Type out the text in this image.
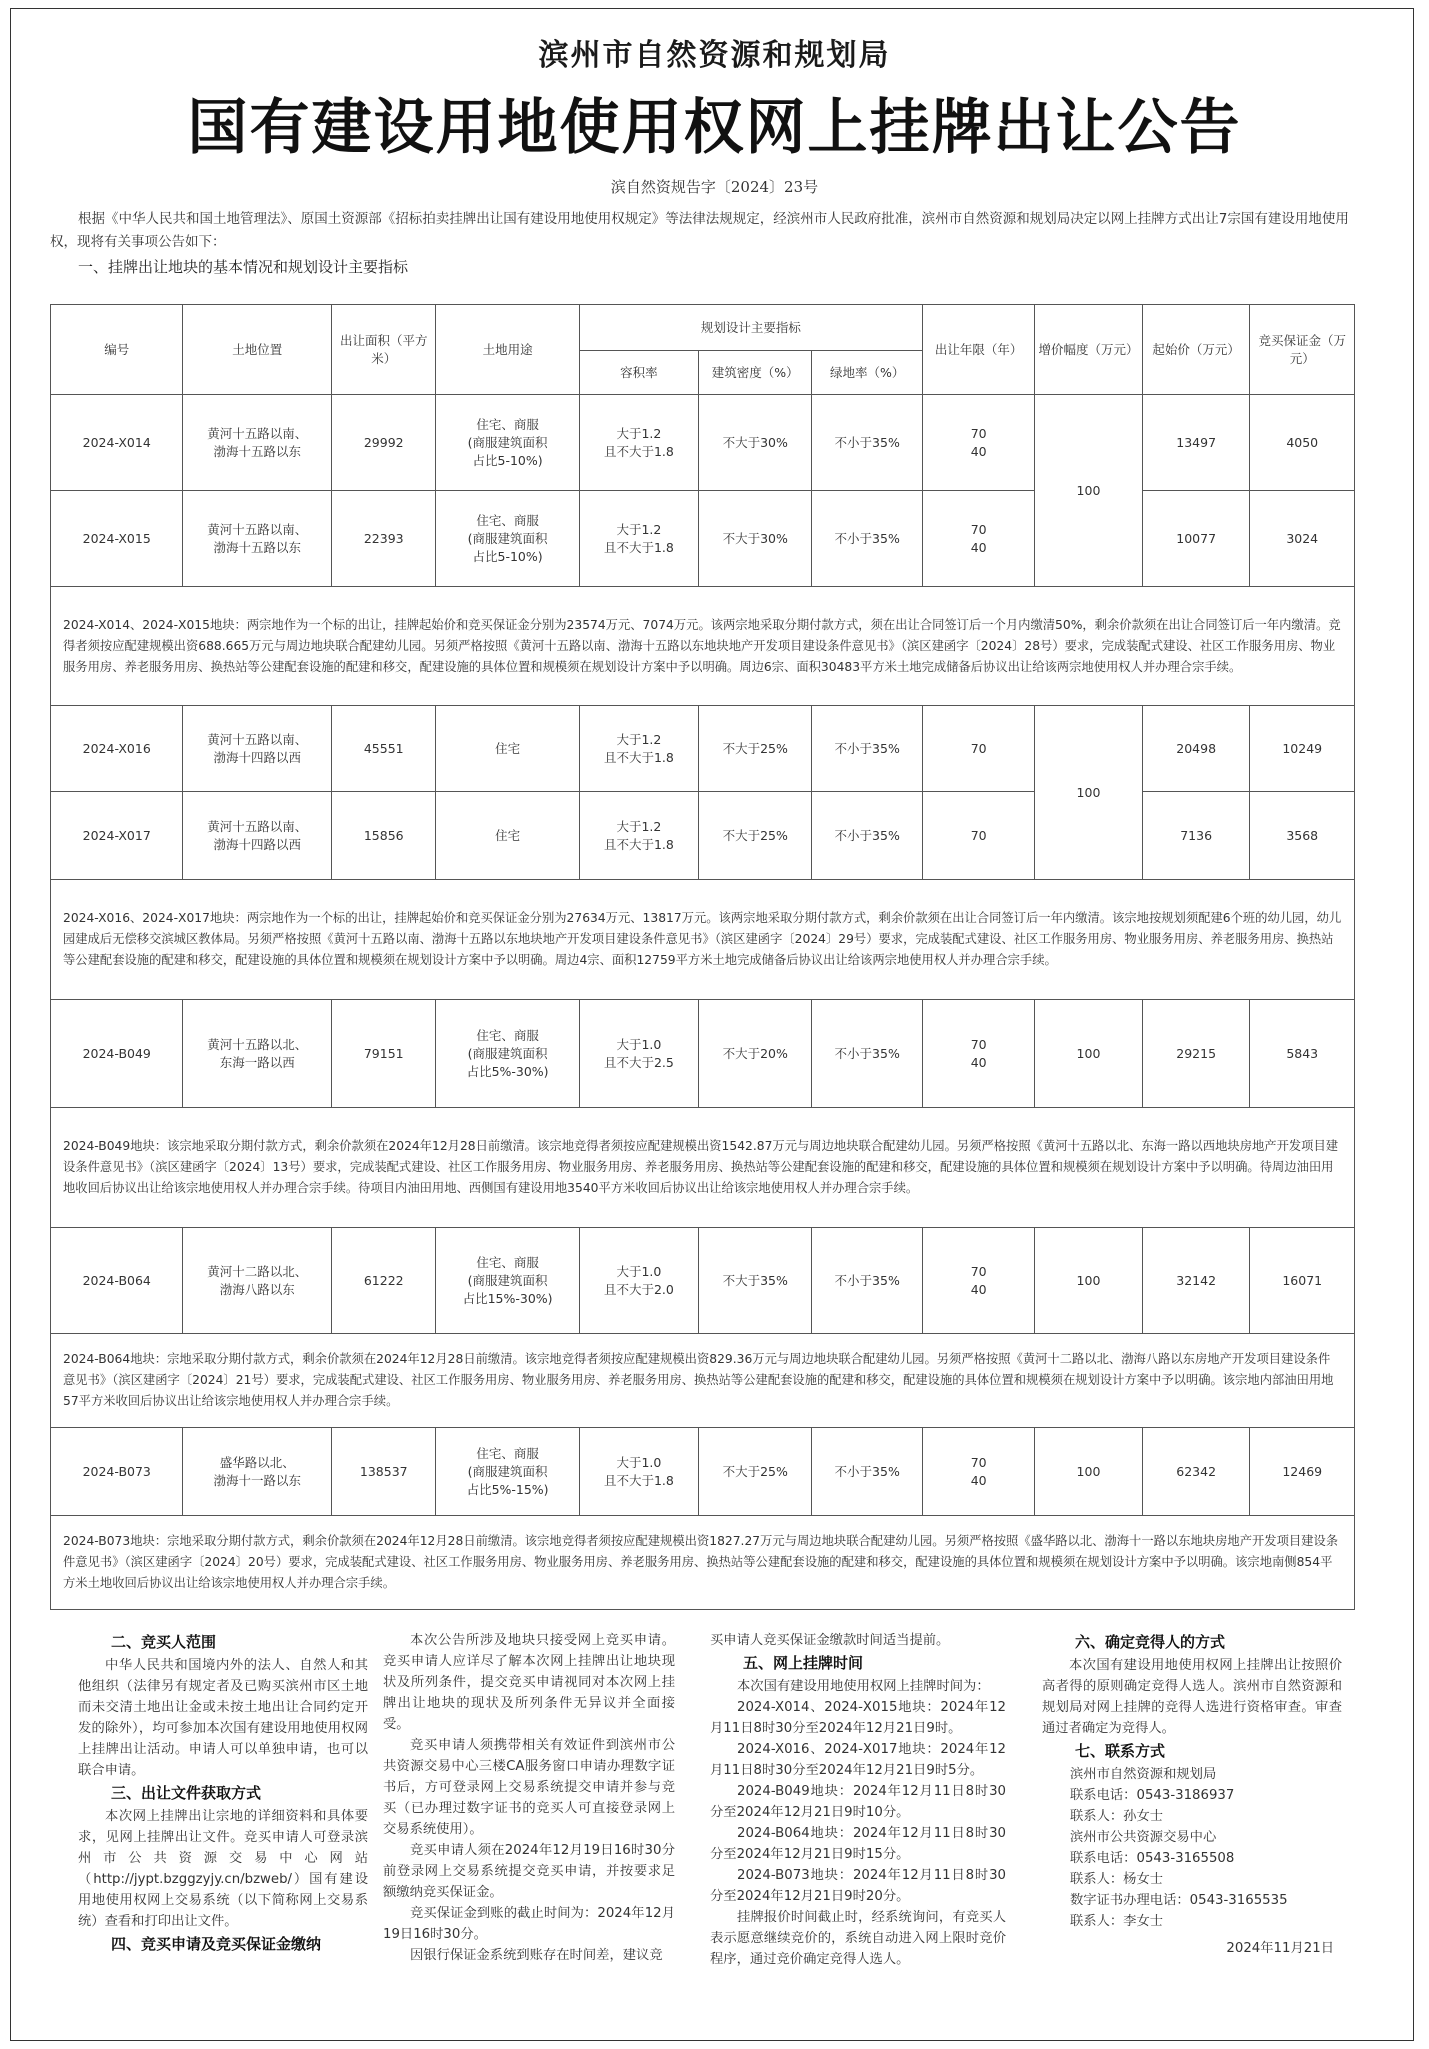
滨州市自然资源和规划局
国有建设用地使用权网上挂牌出让公告
滨自然资规告字〔2024〕23号
根据《中华人民共和国土地管理法》、原国土资源部《招标拍卖挂牌出让国有建设用地使用权规定》等法律法规规定，经滨州市人民政府批准，滨州市自然资源和规划局决定以网上挂牌方式出让7宗国有建设用地使用权，现将有关事项公告如下：
一、挂牌出让地块的基本情况和规划设计主要指标
编号	土地位置	出让面积（平方米）	土地用途	规划设计主要指标			出让年限（年）	增价幅度（万元）	起始价（万元）	竞买保证金（万元）
				容积率	建筑密度（%）	绿地率（%）				
2024-X014	黄河十五路以南、
渤海十五路以东	29992	住宅、商服
(商服建筑面积
占比5-10%)	大于1.2
且不大于1.8	不大于30%	不小于35%	70
40	100	13497	4050
2024-X015	黄河十五路以南、
渤海十五路以东	22393	住宅、商服
(商服建筑面积
占比5-10%)	大于1.2
且不大于1.8	不大于30%	不小于35%	70
40		10077	3024
2024-X014、2024-X015地块：两宗地作为一个标的出让，挂牌起始价和竞买保证金分别为23574万元、7074万元。该两宗地采取分期付款方式，须在出让合同签订后一个月内缴清50%，剩余价款须在出让合同签订后一年内缴清。竞得者须按应配建规模出资688.665万元与周边地块联合配建幼儿园。另须严格按照《黄河十五路以南、渤海十五路以东地块地产开发项目建设条件意见书》（滨区建函字〔2024〕28号）要求，完成装配式建设、社区工作服务用房、物业服务用房、养老服务用房、换热站等公建配套设施的配建和移交，配建设施的具体位置和规模须在规划设计方案中予以明确。周边6宗、面积30483平方米土地完成储备后协议出让给该两宗地使用权人并办理合宗手续。										
2024-X016	黄河十五路以南、
渤海十四路以西	45551	住宅	大于1.2
且不大于1.8	不大于25%	不小于35%	70	100	20498	10249
2024-X017	黄河十五路以南、
渤海十四路以西	15856	住宅	大于1.2
且不大于1.8	不大于25%	不小于35%	70		7136	3568
2024-X016、2024-X017地块：两宗地作为一个标的出让，挂牌起始价和竞买保证金分别为27634万元、13817万元。该两宗地采取分期付款方式，剩余价款须在出让合同签订后一年内缴清。该宗地按规划须配建6个班的幼儿园，幼儿园建成后无偿移交滨城区教体局。另须严格按照《黄河十五路以南、渤海十五路以东地块地产开发项目建设条件意见书》（滨区建函字〔2024〕29号）要求，完成装配式建设、社区工作服务用房、物业服务用房、养老服务用房、换热站等公建配套设施的配建和移交，配建设施的具体位置和规模须在规划设计方案中予以明确。周边4宗、面积12759平方米土地完成储备后协议出让给该两宗地使用权人并办理合宗手续。										
2024-B049	黄河十五路以北、
东海一路以西	79151	住宅、商服
(商服建筑面积
占比5%-30%)	大于1.0
且不大于2.5	不大于20%	不小于35%	70
40	100	29215	5843
2024-B049地块：该宗地采取分期付款方式，剩余价款须在2024年12月28日前缴清。该宗地竞得者须按应配建规模出资1542.87万元与周边地块联合配建幼儿园。另须严格按照《黄河十五路以北、东海一路以西地块房地产开发项目建设条件意见书》（滨区建函字〔2024〕13号）要求，完成装配式建设、社区工作服务用房、物业服务用房、养老服务用房、换热站等公建配套设施的配建和移交，配建设施的具体位置和规模须在规划设计方案中予以明确。待周边油田用地收回后协议出让给该宗地使用权人并办理合宗手续。待项目内油田用地、西侧国有建设用地3540平方米收回后协议出让给该宗地使用权人并办理合宗手续。										
2024-B064	黄河十二路以北、
渤海八路以东	61222	住宅、商服
(商服建筑面积
占比15%-30%)	大于1.0
且不大于2.0	不大于35%	不小于35%	70
40	100	32142	16071
2024-B064地块：宗地采取分期付款方式，剩余价款须在2024年12月28日前缴清。该宗地竞得者须按应配建规模出资829.36万元与周边地块联合配建幼儿园。另须严格按照《黄河十二路以北、渤海八路以东房地产开发项目建设条件意见书》（滨区建函字〔2024〕21号）要求，完成装配式建设、社区工作服务用房、物业服务用房、养老服务用房、换热站等公建配套设施的配建和移交，配建设施的具体位置和规模须在规划设计方案中予以明确。该宗地内部油田用地57平方米收回后协议出让给该宗地使用权人并办理合宗手续。										
2024-B073	盛华路以北、
渤海十一路以东	138537	住宅、商服
(商服建筑面积
占比5%-15%)	大于1.0
且不大于1.8	不大于25%	不小于35%	70
40	100	62342	12469
2024-B073地块：宗地采取分期付款方式，剩余价款须在2024年12月28日前缴清。该宗地竞得者须按应配建规模出资1827.27万元与周边地块联合配建幼儿园。另须严格按照《盛华路以北、渤海十一路以东地块房地产开发项目建设条件意见书》（滨区建函字〔2024〕20号）要求，完成装配式建设、社区工作服务用房、物业服务用房、养老服务用房、换热站等公建配套设施的配建和移交，配建设施的具体位置和规模须在规划设计方案中予以明确。该宗地南侧854平方米土地收回后协议出让给该宗地使用权人并办理合宗手续。										
二、竞买人范围

中华人民共和国境内外的法人、自然人和其他组织（法律另有规定者及已购买滨州市区土地而未交清土地出让金或未按土地出让合同约定开发的除外），均可参加本次国有建设用地使用权网上挂牌出让活动。申请人可以单独申请，也可以联合申请。

三、出让文件获取方式

本次网上挂牌出让宗地的详细资料和具体要求，见网上挂牌出让文件。竞买申请人可登录滨州市公共资源交易中心网站（http://jypt.bzggzyjy.cn/bzweb/）国有建设用地使用权网上交易系统（以下简称网上交易系统）查看和打印出让文件。

四、竞买申请及竞买保证金缴纳

本次公告所涉及地块只接受网上竞买申请。竞买申请人应详尽了解本次网上挂牌出让地块现状及所列条件，提交竞买申请视同对本次网上挂牌出让地块的现状及所列条件无异议并全面接受。

竞买申请人须携带相关有效证件到滨州市公共资源交易中心三楼CA服务窗口申请办理数字证书后，方可登录网上交易系统提交申请并参与竞买（已办理过数字证书的竞买人可直接登录网上交易系统使用）。

竞买申请人须在2024年12月19日16时30分前登录网上交易系统提交竞买申请，并按要求足额缴纳竞买保证金。

竞买保证金到账的截止时间为：2024年12月19日16时30分。

因银行保证金系统到账存在时间差，建议竞

买申请人竞买保证金缴款时间适当提前。

五、网上挂牌时间

本次国有建设用地使用权网上挂牌时间为：

2024-X014、2024-X015地块：2024年12月11日8时30分至2024年12月21日9时。

2024-X016、2024-X017地块：2024年12月11日8时30分至2024年12月21日9时5分。

2024-B049地块：2024年12月11日8时30分至2024年12月21日9时10分。

2024-B064地块：2024年12月11日8时30分至2024年12月21日9时15分。

2024-B073地块：2024年12月11日8时30分至2024年12月21日9时20分。

挂牌报价时间截止时，经系统询问，有竞买人表示愿意继续竞价的，系统自动进入网上限时竞价程序，通过竞价确定竞得人选人。

六、确定竞得人的方式

本次国有建设用地使用权网上挂牌出让按照价高者得的原则确定竞得人选人。滨州市自然资源和规划局对网上挂牌的竞得人选进行资格审查。审查通过者确定为竞得人。

七、联系方式
滨州市自然资源和规划局
联系电话：0543-3186937
联系人：孙女士
滨州市公共资源交易中心
联系电话：0543-3165508
联系人：杨女士
数字证书办理电话：0543-3165535
联系人：李女士
2024年11月21日
